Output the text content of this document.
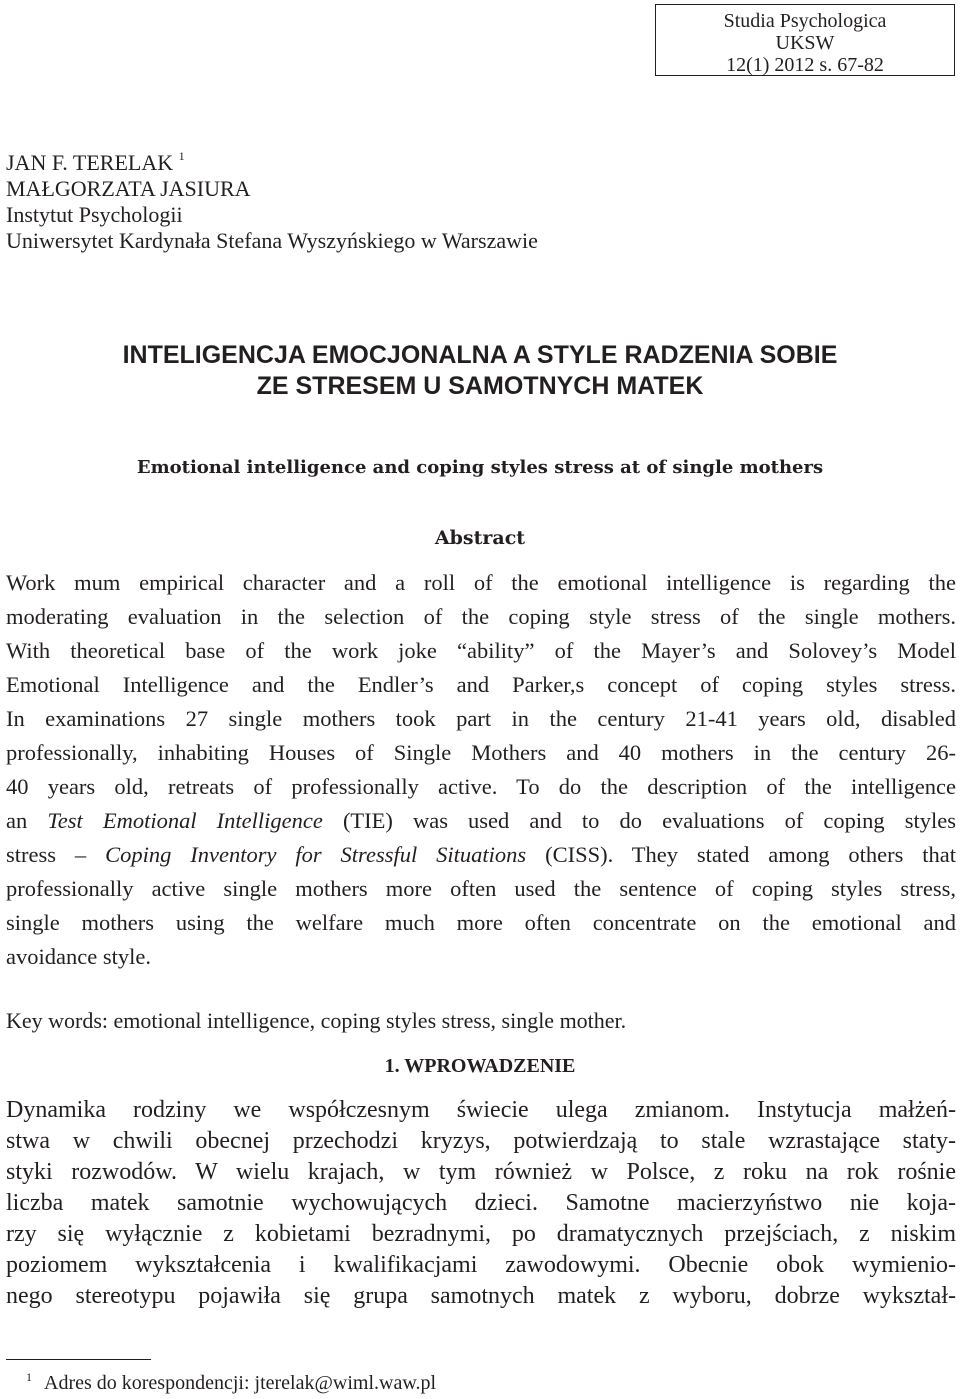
Studia Psychologica
UKSW
12(1) 2012 s. 67-82
JAN F. TERELAK $^1$
MAŁGORZATA JASIURA
Instytut Psychologii
Uniwersytet Kardynała Stefana Wyszyńskiego w Warszawie
INTELIGENCJA EMOCJONALNA A STYLE RADZENIA SOBIE
ZE STRESEM U SAMOTNYCH MATEK
Emotional intelligence and coping styles stress at of single mothers
Abstract
Work mum empirical character and a roll of the emotional intelligence is regarding the
moderating evaluation in the selection of the coping style stress of the single mothers.
With theoretical base of the work joke “ability” of the Mayer’s and Solovey’s Model
Emotional Intelligence and the Endler’s and Parker,s concept of coping styles stress.
In examinations 27 single mothers took part in the century 21-41 years old, disabled
professionally, inhabiting Houses of Single Mothers and 40 mothers in the century 26-
40 years old, retreats of professionally active. To do the description of the intelligence
an Test Emotional Intelligence (TIE) was used and to do evaluations of coping styles
stress – Coping Inventory for Stressful Situations (CISS). They stated among others that
professionally active single mothers more often used the sentence of coping styles stress,
single mothers using the welfare much more often concentrate on the emotional and
avoidance style.
Key words: emotional intelligence, coping styles stress, single mother.
1. WPROWADZENIE
Dynamika rodziny we współczesnym świecie ulega zmianom. Instytucja małżeń-
stwa w chwili obecnej przechodzi kryzys, potwierdzają to stale wzrastające staty-
styki rozwodów. W wielu krajach, w tym również w Polsce, z roku na rok rośnie
liczba matek samotnie wychowujących dzieci. Samotne macierzyństwo nie koja-
rzy się wyłącznie z kobietami bezradnymi, po dramatycznych przejściach, z niskim
poziomem wykształcenia i kwalifikacjami zawodowymi. Obecnie obok wymienio-
nego stereotypu pojawiła się grupa samotnych matek z wyboru, dobrze wykształ-
$^1$ Adres do korespondencji: jterelak@wiml.waw.pl
